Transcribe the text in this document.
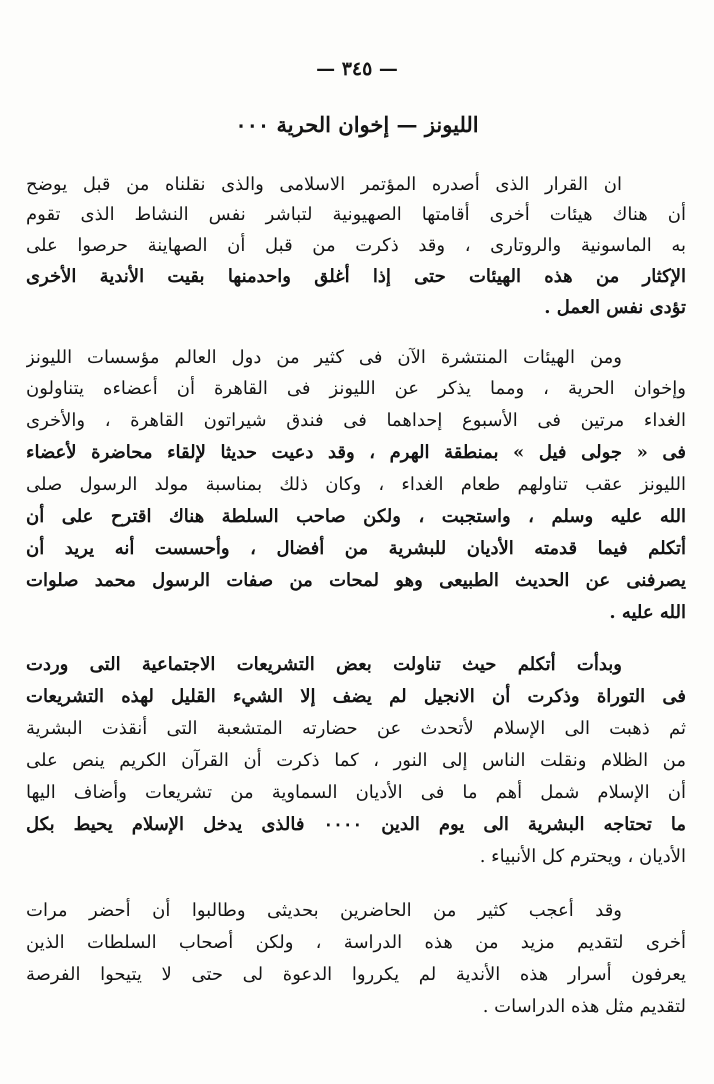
— ٣٤٥ —
الليونز — إخوان الحرية ٠٠٠
ان القرار الذى أصدره المؤتمر الاسلامى والذى نقلناه من قبل يوضح
أن هناك هيئات أخرى أقامتها الصهيونية لتباشر نفس النشاط الذى تقوم
به الماسونية والروتارى ، وقد ذكرت من قبل أن الصهاينة حرصوا على
الإكثار من هذه الهيئات حتى إذا أغلق واحدمنها بقيت الأندية الأخرى
تؤدى نفس العمل .
ومن الهيئات المنتشرة الآن فى كثير من دول العالم مؤسسات الليونز
وإخوان الحرية ، ومما يذكر عن الليونز فى القاهرة أن أعضاءه يتناولون
الغداء مرتين فى الأسبوع إحداهما فى فندق شيراتون القاهرة ، والأخرى
فى « جولى فيل » بمنطقة الهرم ، وقد دعيت حديثا لإلقاء محاضرة لأعضاء
الليونز عقب تناولهم طعام الغداء ، وكان ذلك بمناسبة مولد الرسول صلى
الله عليه وسلم ، واستجبت ، ولكن صاحب السلطة هناك اقترح على أن
أتكلم فيما قدمته الأديان للبشرية من أفضال ، وأحسست أنه يريد أن
يصرفنى عن الحديث الطبيعى وهو لمحات من صفات الرسول محمد صلوات
الله عليه .
وبدأت أتكلم حيث تناولت بعض التشريعات الاجتماعية التى وردت
فى التوراة وذكرت أن الانجيل لم يضف إلا الشيء القليل لهذه التشريعات
ثم ذهبت الى الإسلام لأتحدث عن حضارته المتشعبة التى أنقذت البشرية
من الظلام ونقلت الناس إلى النور ، كما ذكرت أن القرآن الكريم ينص على
أن الإسلام شمل أهم ما فى الأديان السماوية من تشريعات وأضاف اليها
ما تحتاجه البشرية الى يوم الدين ٠٠٠٠ فالذى يدخل الإسلام يحيط بكل
الأديان ، ويحترم كل الأنبياء .
وقد أعجب كثير من الحاضرين بحديثى وطالبوا أن أحضر مرات
أخرى لتقديم مزيد من هذه الدراسة ، ولكن أصحاب السلطات الذين
يعرفون أسرار هذه الأندية لم يكرروا الدعوة لى حتى لا يتيحوا الفرصة
لتقديم مثل هذه الدراسات .
